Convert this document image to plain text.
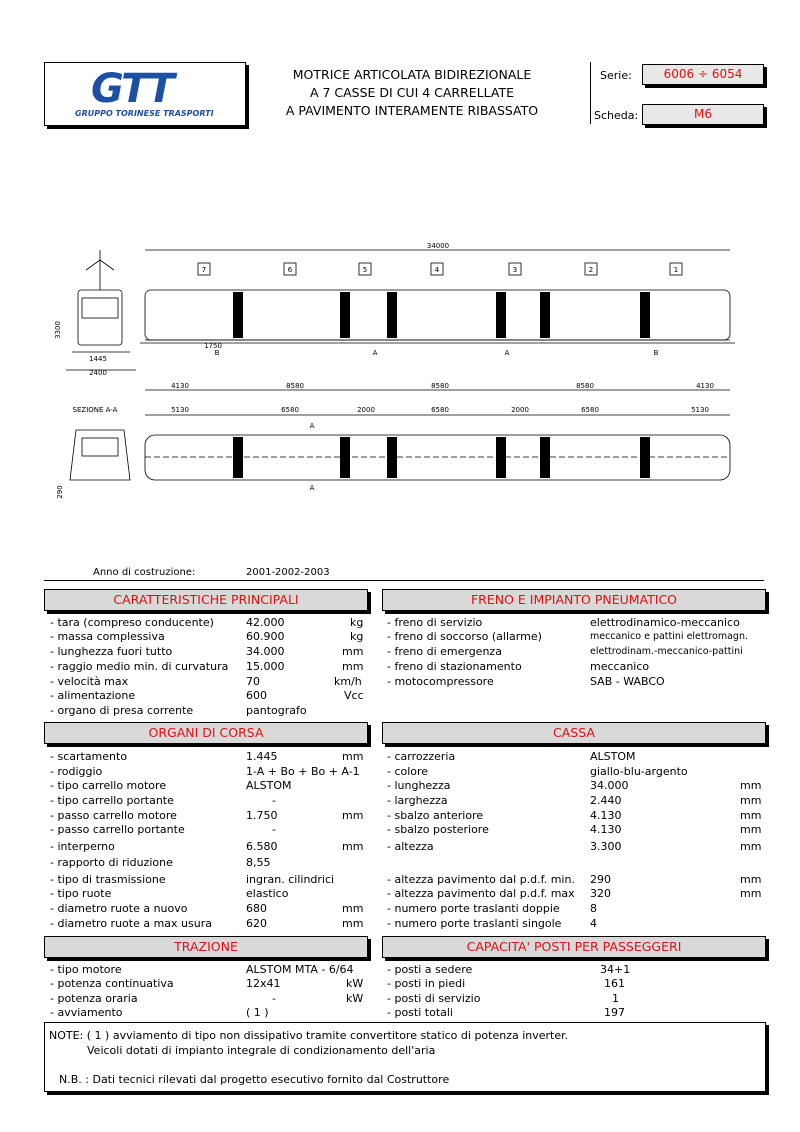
GTT
GRUPPO TORINESE TRASPORTI
MOTRICE ARTICOLATA BIDIREZIONALE
A 7 CASSE DI CUI 4 CARRELLATE
A PAVIMENTO INTERAMENTE RIBASSATO
Serie:	6006 ÷ 6054
Scheda:	M6
34000
7	6	5	4	3	2	1
3300
B	A	A	B
1750
1445
2400
4130	8580	8580	8580	4130
SEZIONE A-A	5130	6580	2000	6580	2000	6580	5130
A
A
290
Anno di costruzione:	2001-2002-2003
CARATTERISTICHE PRINCIPALI	FRENO E IMPIANTO PNEUMATICO
ORGANI DI CORSA	CASSA
TRAZIONE	CAPACITA' POSTI PER PASSEGGERI
- tara (compreso conducente)	42.000	kg
- massa complessiva	60.900	kg
- lunghezza fuori tutto	34.000	mm
- raggio medio min. di curvatura 15.000	mm
- velocità max	70	km/h
- alimentazione	600	Vcc
- organo di presa corrente	pantografo
- freno di servizio	elettrodinamico-meccanico
- freno di soccorso (allarme)	meccanico e pattini elettromagn.
- freno di emergenza	elettrodinam.-meccanico-pattini
- freno di stazionamento	meccanico
- motocompressore	SAB - WABCO
- scartamento	1.445	mm
- rodiggio	1-A + Bo + Bo + A-1
- tipo carrello motore	ALSTOM
- tipo carrello portante	-
- passo carrello motore	1.750	mm
- passo carrello portante	-
- interperno	6.580	mm
- rapporto di riduzione	8,55
- tipo di trasmissione	ingran. cilindrici
- tipo ruote	elastico
- diametro ruote a nuovo	680	mm
- diametro ruote a max usura	620	mm
- carrozzeria	ALSTOM
- colore	giallo-blu-argento
- lunghezza	34.000	mm
- larghezza	2.440	mm
- sbalzo anteriore	4.130	mm
- sbalzo posteriore	4.130	mm
- altezza	3.300	mm
- altezza pavimento dal p.d.f. min. 290	mm
- altezza pavimento dal p.d.f. max 320	mm
- numero porte traslanti doppie	8
- numero porte traslanti singole	4
- tipo motore	ALSTOM MTA - 6/64
- potenza continuativa	12x41	kW
- potenza oraria	-	kW
- avviamento	( 1 )
- posti a sedere	34+1
- posti in piedi	161
- posti di servizio	1
- posti totali	197
NOTE: ( 1 ) avviamento di tipo non dissipativo tramite convertitore statico di potenza inverter.
Veicoli dotati di impianto integrale di condizionamento dell'aria
N.B. : Dati tecnici rilevati dal progetto esecutivo fornito dal Costruttore
